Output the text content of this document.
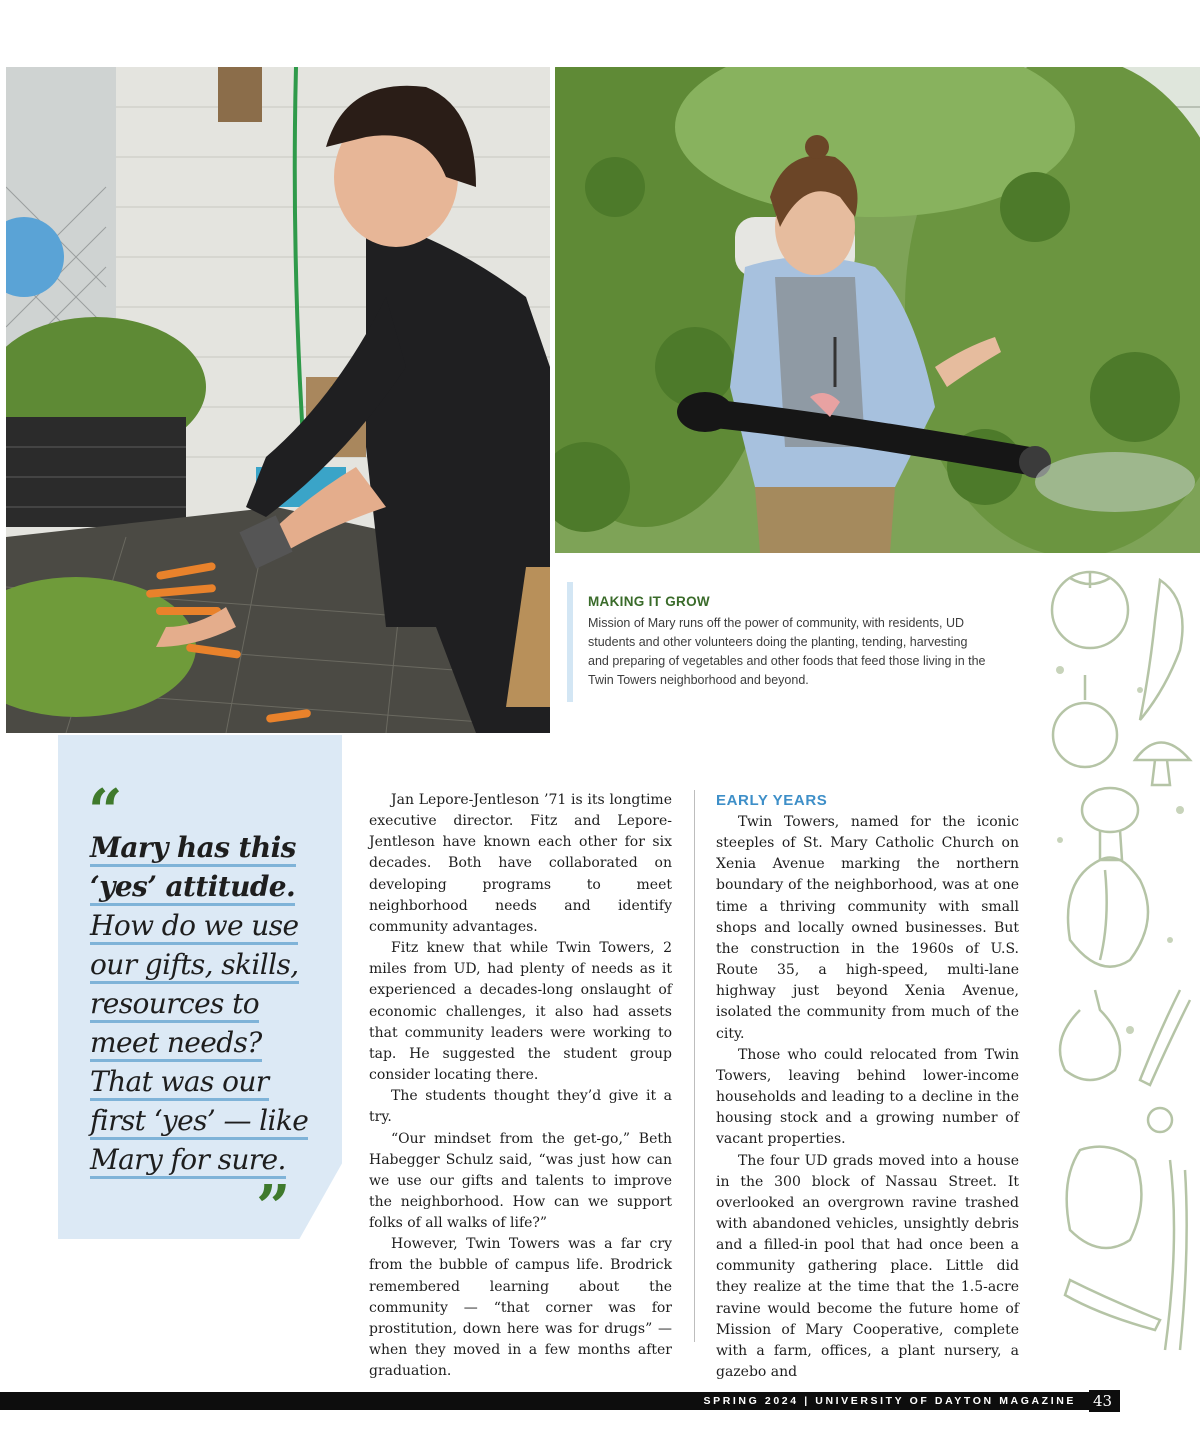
MAKING IT GROW
Mission of Mary runs off the power of community, with residents, UD
students and other volunteers doing the planting, tending, harvesting
and preparing of vegetables and other foods that feed those living in the
Twin Towers neighborhood and beyond.
“
Mary has this
‘yes’ attitude.
How do we use
our gifts, skills,
resources to
meet needs?
That was our
first ‘yes’ — like
Mary for sure.
”

Jan Lepore-Jentleson ’71 is its longtime executive director. Fitz and Lepore-Jentleson have known each other for six decades. Both have collaborated on developing programs to meet neighborhood needs and identify community advantages.

Fitz knew that while Twin Towers, 2 miles from UD, had plenty of needs as it experienced a decades-long onslaught of economic challenges, it also had assets that community leaders were working to tap. He suggested the student group consider locating there.

The students thought they’d give it a try.

“Our mindset from the get-go,” Beth Habegger Schulz said, “was just how can we use our gifts and talents to improve the neighborhood. How can we support folks of all walks of life?”

However, Twin Towers was a far cry from the bubble of campus life. Brodrick remembered learning about the community — “that corner was for prostitution, down here was for drugs” — when they moved in a few months after graduation.

EARLY YEARS

Twin Towers, named for the iconic steeples of St. Mary Catholic Church on Xenia Avenue marking the northern boundary of the neighborhood, was at one time a thriving community with small shops and locally owned businesses. But the construction in the 1960s of U.S. Route 35, a high-speed, multi-lane highway just beyond Xenia Avenue, isolated the community from much of the city.

Those who could relocated from Twin Towers, leaving behind lower-income households and leading to a decline in the housing stock and a growing number of vacant properties.

The four UD grads moved into a house in the 300 block of Nassau Street. It overlooked an overgrown ravine trashed with abandoned vehicles, unsightly debris and a filled-in pool that had once been a community gathering place. Little did they realize at the time that the 1.5-acre ravine would become the future home of Mission of Mary Cooperative, complete with a farm, offices, a plant nursery, a gazebo and

SPRING 2024 | UNIVERSITY OF DAYTON MAGAZINE 43
